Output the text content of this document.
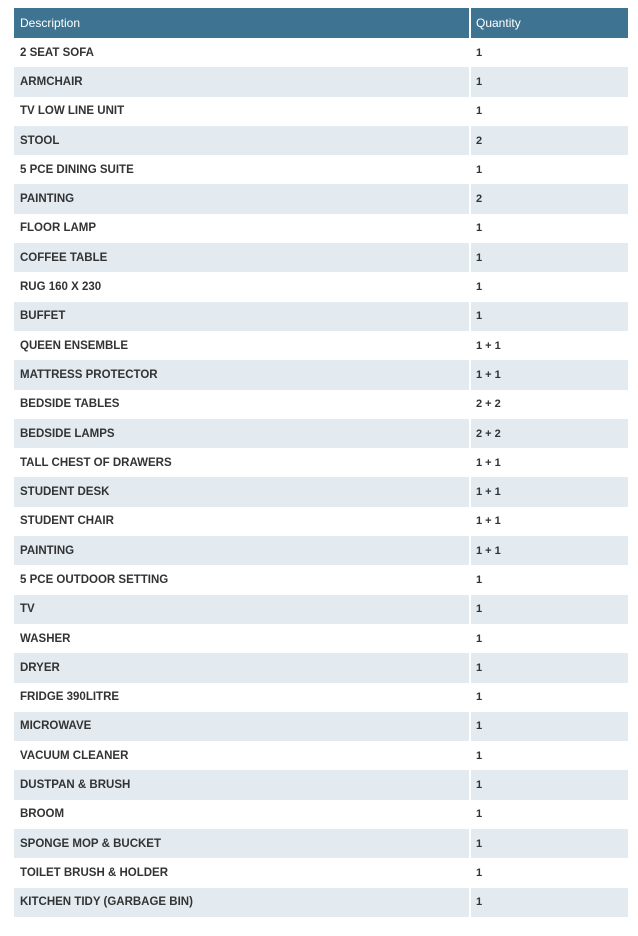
Description	Quantity
2 SEAT SOFA	1
ARMCHAIR	1
TV LOW LINE UNIT	1
STOOL	2
5 PCE DINING SUITE	1
PAINTING	2
FLOOR LAMP	1
COFFEE TABLE	1
RUG 160 X 230	1
BUFFET	1
QUEEN ENSEMBLE	1 + 1
MATTRESS PROTECTOR	1 + 1
BEDSIDE TABLES	2 + 2
BEDSIDE LAMPS	2 + 2
TALL CHEST OF DRAWERS	1 + 1
STUDENT DESK	1 + 1
STUDENT CHAIR	1 + 1
PAINTING	1 + 1
5 PCE OUTDOOR SETTING	1
TV	1
WASHER	1
DRYER	1
FRIDGE 390LITRE	1
MICROWAVE	1
VACUUM CLEANER	1
DUSTPAN & BRUSH	1
BROOM	1
SPONGE MOP & BUCKET	1
TOILET BRUSH & HOLDER	1
KITCHEN TIDY (GARBAGE BIN)	1
